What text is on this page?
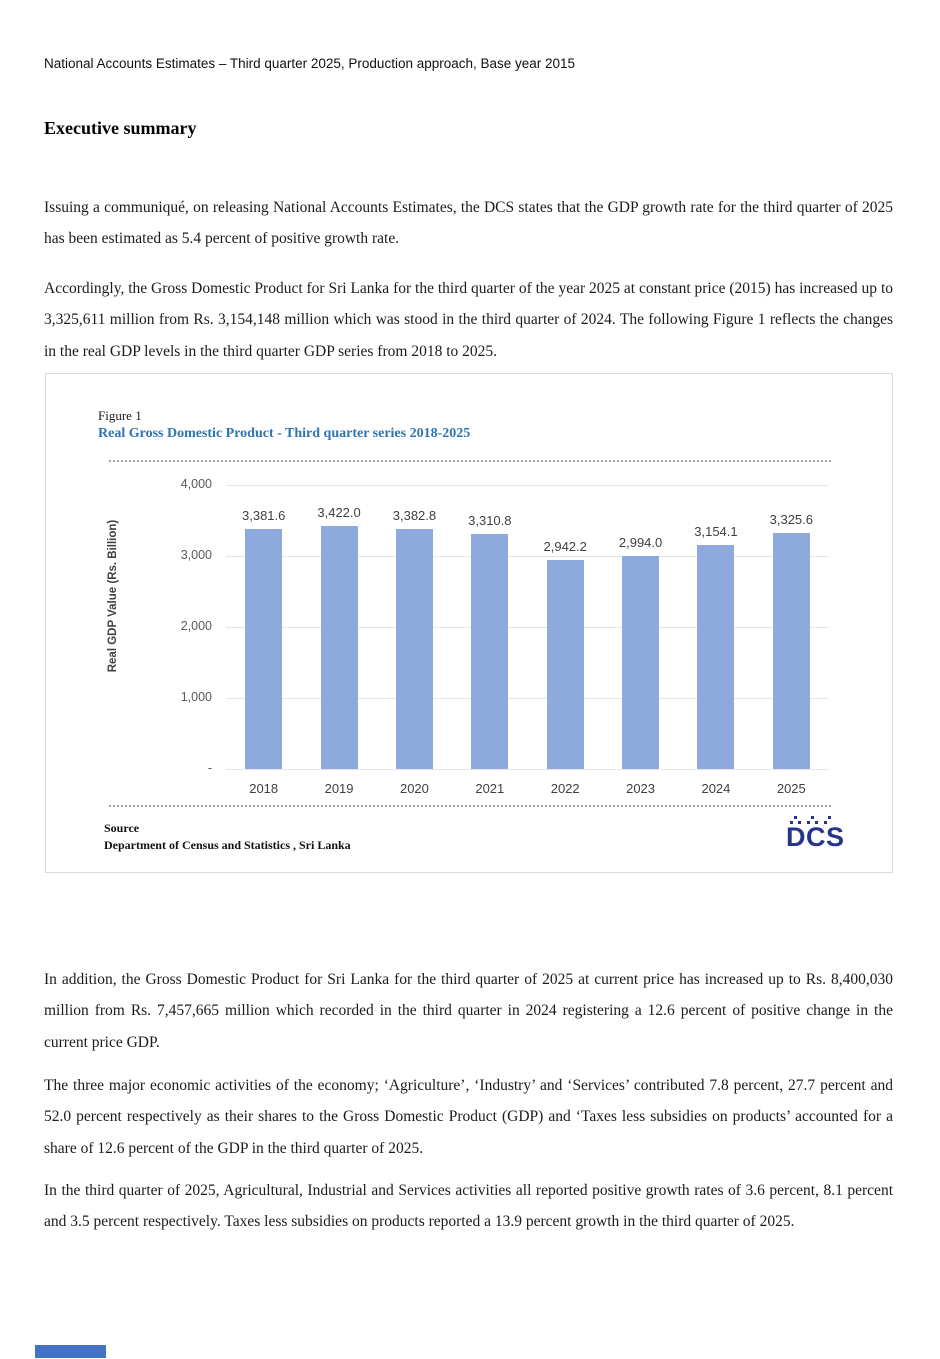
National Accounts Estimates – Third quarter 2025, Production approach, Base year 2015
Executive summary

Issuing a communiqué, on releasing National Accounts Estimates, the DCS states that the GDP growth rate for the third quarter of 2025 has been estimated as 5.4 percent of positive growth rate.

Accordingly, the Gross Domestic Product for Sri Lanka for the third quarter of the year 2025 at constant price (2015) has increased up to 3,325,611 million from Rs. 3,154,148 million which was stood in the third quarter of 2024. The following Figure 1 reflects the changes in the real GDP levels in the third quarter GDP series from 2018 to 2025.

Figure 1
Real Gross Domestic Product - Third quarter series 2018-2025
Real GDP Value (Rs. Billion)
4,000
3,000
2,000
1,000
-
3,381.6
2018
3,422.0
2019
3,382.8
2020
3,310.8
2021
2,942.2
2022
2,994.0
2023
3,154.1
2024
3,325.6
2025
Source
Department of Census and Statistics , Sri Lanka	DCS

In addition, the Gross Domestic Product for Sri Lanka for the third quarter of 2025 at current price has increased up to Rs. 8,400,030 million from Rs. 7,457,665 million which recorded in the third quarter in 2024 registering a 12.6 percent of positive change in the current price GDP.

The three major economic activities of the economy; ‘Agriculture’, ‘Industry’ and ‘Services’ contributed 7.8 percent, 27.7 percent and 52.0 percent respectively as their shares to the Gross Domestic Product (GDP) and ‘Taxes less subsidies on products’ accounted for a share of 12.6 percent of the GDP in the third quarter of 2025.

In the third quarter of 2025, Agricultural, Industrial and Services activities all reported positive growth rates of 3.6 percent, 8.1 percent and 3.5 percent respectively. Taxes less subsidies on products reported a 13.9 percent growth in the third quarter of 2025.
